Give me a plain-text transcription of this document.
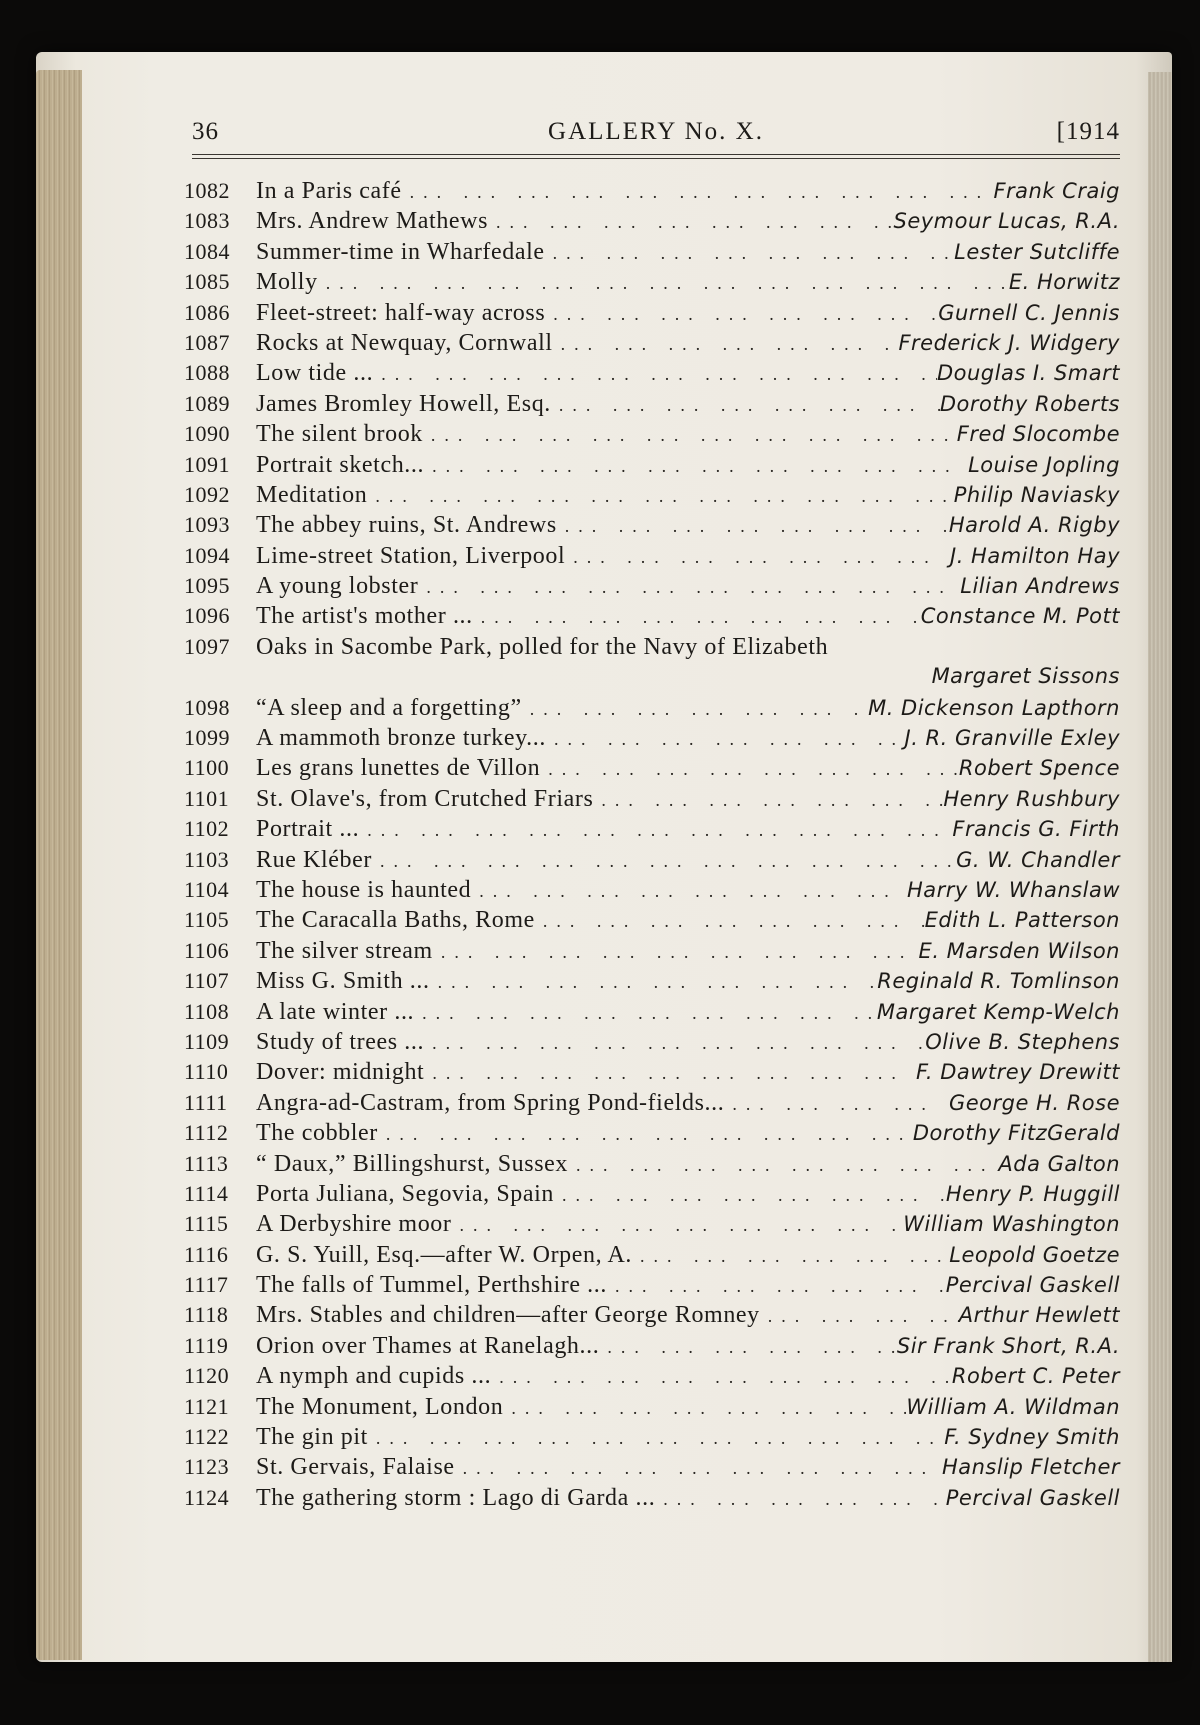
36	GALLERY No. X.	[1914
1082	In a Paris café ... .	Frank Craig
1083	Mrs. Andrew Mathews ... .	Seymour Lucas, R.A.
1084	Summer-time in Wharfedale ... .	Lester Sutcliffe
1085	Molly ... .	E. Horwitz
1086	Fleet-street: half-way across ... .	Gurnell C. Jennis
1087	Rocks at Newquay, Cornwall ... .	Frederick J. Widgery
1088	Low tide ... ... .	Douglas I. Smart
1089	James Bromley Howell, Esq. ... .	Dorothy Roberts
1090	The silent brook ... .	Fred Slocombe
1091	Portrait sketch... ... .	Louise Jopling
1092	Meditation ... .	Philip Naviasky
1093	The abbey ruins, St. Andrews ... .	Harold A. Rigby
1094	Lime-street Station, Liverpool ... .	J. Hamilton Hay
1095	A young lobster ... .	Lilian Andrews
1096	The artist's mother ... ... .	Constance M. Pott
1097	Oaks in Sacombe Park, polled for the Navy of Elizabeth
Margaret Sissons
1098	“A sleep and a forgetting” ... .	M. Dickenson Lapthorn
1099	A mammoth bronze turkey... ... .	J. R. Granville Exley
1100	Les grans lunettes de Villon ... .	Robert Spence
1101	St. Olave's, from Crutched Friars ... .	Henry Rushbury
1102	Portrait ... ... .	Francis G. Firth
1103	Rue Kléber ... .	G. W. Chandler
1104	The house is haunted ... .	Harry W. Whanslaw
1105	The Caracalla Baths, Rome ... .	Edith L. Patterson
1106	The silver stream ... .	E. Marsden Wilson
1107	Miss G. Smith ... ... .	Reginald R. Tomlinson
1108	A late winter ... ... .	Margaret Kemp-Welch
1109	Study of trees ... ... .	Olive B. Stephens
1110	Dover: midnight ... .	F. Dawtrey Drewitt
1111	Angra-ad-Castram, from Spring Pond-fields... ... .	George H. Rose
1112	The cobbler ... .	Dorothy FitzGerald
1113	“ Daux,” Billingshurst, Sussex ... .	Ada Galton
1114	Porta Juliana, Segovia, Spain ... .	Henry P. Huggill
1115	A Derbyshire moor ... .	William Washington
1116	G. S. Yuill, Esq.—after W. Orpen, A. ... .	Leopold Goetze
1117	The falls of Tummel, Perthshire ... ... .	Percival Gaskell
1118	Mrs. Stables and children—after George Romney ... .	Arthur Hewlett
1119	Orion over Thames at Ranelagh... ... .	Sir Frank Short, R.A.
1120	A nymph and cupids ... ... .	Robert C. Peter
1121	The Monument, London ... .	William A. Wildman
1122	The gin pit ... .	F. Sydney Smith
1123	St. Gervais, Falaise ... .	Hanslip Fletcher
1124	The gathering storm : Lago di Garda ... ... .	Percival Gaskell
